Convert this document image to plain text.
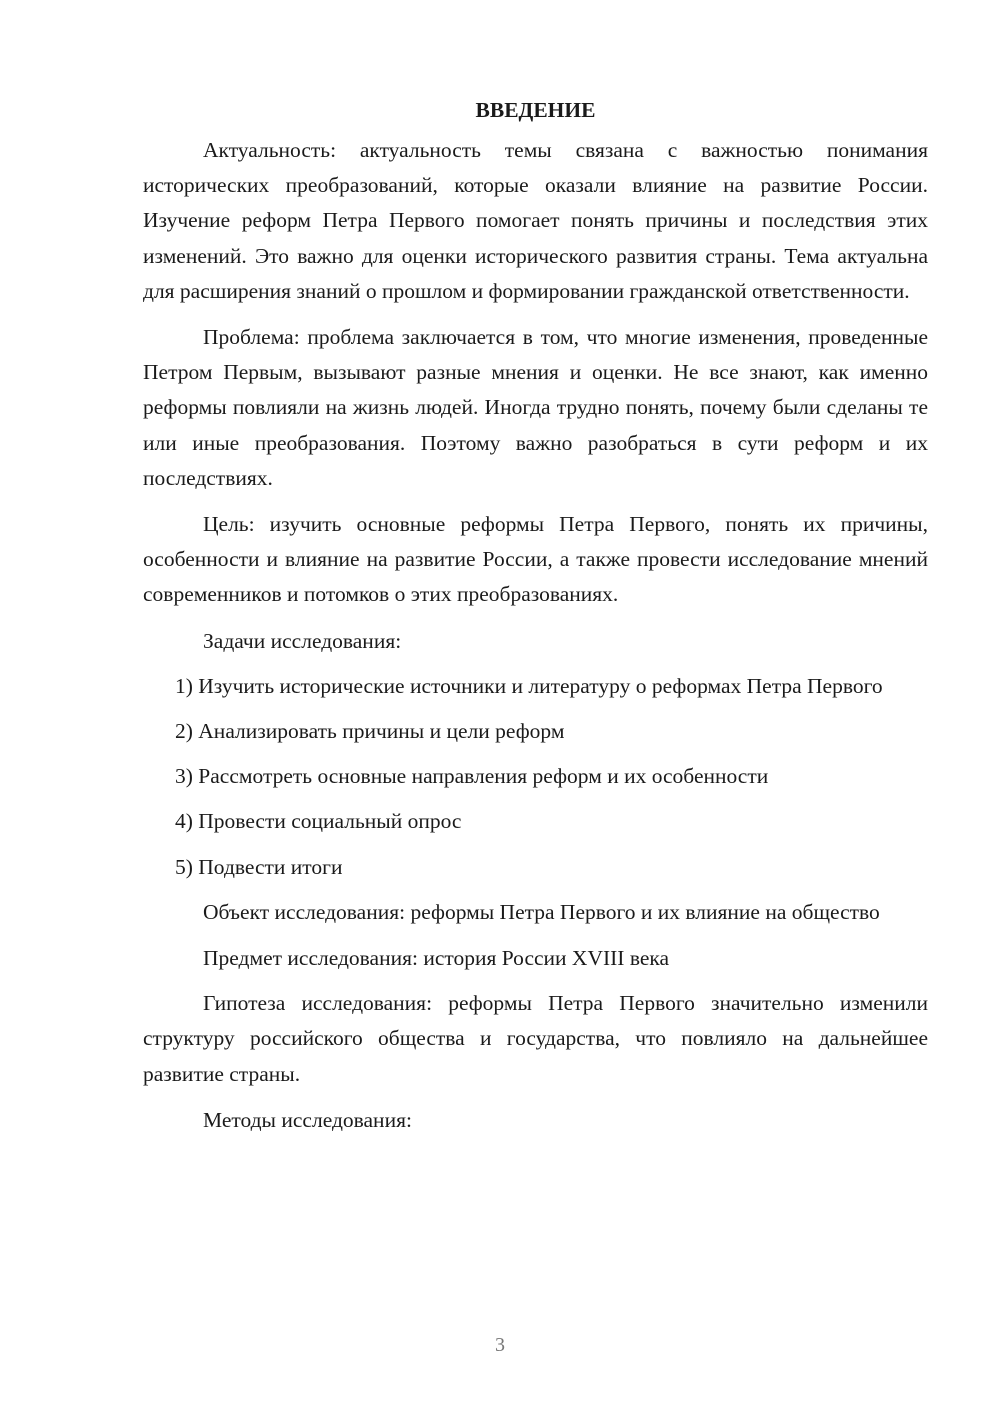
ВВЕДЕНИЕ

Актуальность: актуальность темы связана с важностью понимания исторических преобразований, которые оказали влияние на развитие России. Изучение реформ Петра Первого помогает понять причины и последствия этих изменений. Это важно для оценки исторического развития страны. Тема актуальна для расширения знаний о прошлом и формировании гражданской ответственности.

Проблема: проблема заключается в том, что многие изменения, проведенные Петром Первым, вызывают разные мнения и оценки. Не все знают, как именно реформы повлияли на жизнь людей. Иногда трудно понять, почему были сделаны те или иные преобразования. Поэтому важно разобраться в сути реформ и их последствиях.

Цель: изучить основные реформы Петра Первого, понять их причины, особенности и влияние на развитие России, а также провести исследование мнений современников и потомков о этих преобразованиях.

Задачи исследования:

1) Изучить исторические источники и литературу о реформах Петра Первого

2) Анализировать причины и цели реформ

3) Рассмотреть основные направления реформ и их особенности

4) Провести социальный опрос

5) Подвести итоги

Объект исследования: реформы Петра Первого и их влияние на общество

Предмет исследования: история России XVIII века

Гипотеза исследования: реформы Петра Первого значительно изменили структуру российского общества и государства, что повлияло на дальнейшее развитие страны.

Методы исследования:

3
